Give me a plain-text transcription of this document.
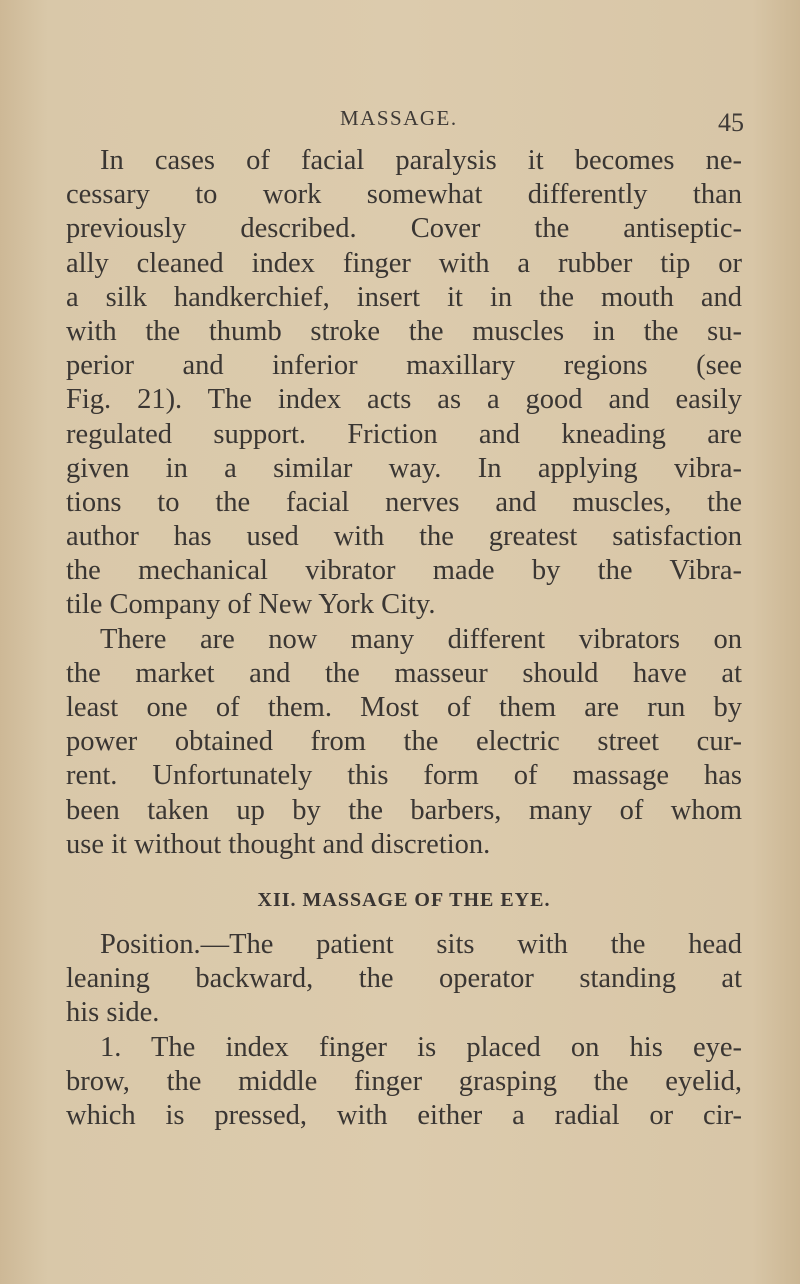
MASSAGE.	45
In cases of facial paralysis it becomes ne-
cessary to work somewhat differently than
previously described. Cover the antiseptic-
ally cleaned index finger with a rubber tip or
a silk handkerchief, insert it in the mouth and
with the thumb stroke the muscles in the su-
perior and inferior maxillary regions (see
Fig. 21). The index acts as a good and easily
regulated support. Friction and kneading are
given in a similar way. In applying vibra-
tions to the facial nerves and muscles, the
author has used with the greatest satisfaction
the mechanical vibrator made by the Vibra-
tile Company of New York City.
There are now many different vibrators on
the market and the masseur should have at
least one of them. Most of them are run by
power obtained from the electric street cur-
rent. Unfortunately this form of massage has
been taken up by the barbers, many of whom
use it without thought and discretion.
XII. MASSAGE OF THE EYE.
Position.—The patient sits with the head
leaning backward, the operator standing at
his side.
1. The index finger is placed on his eye-
brow, the middle finger grasping the eyelid,
which is pressed, with either a radial or cir-
